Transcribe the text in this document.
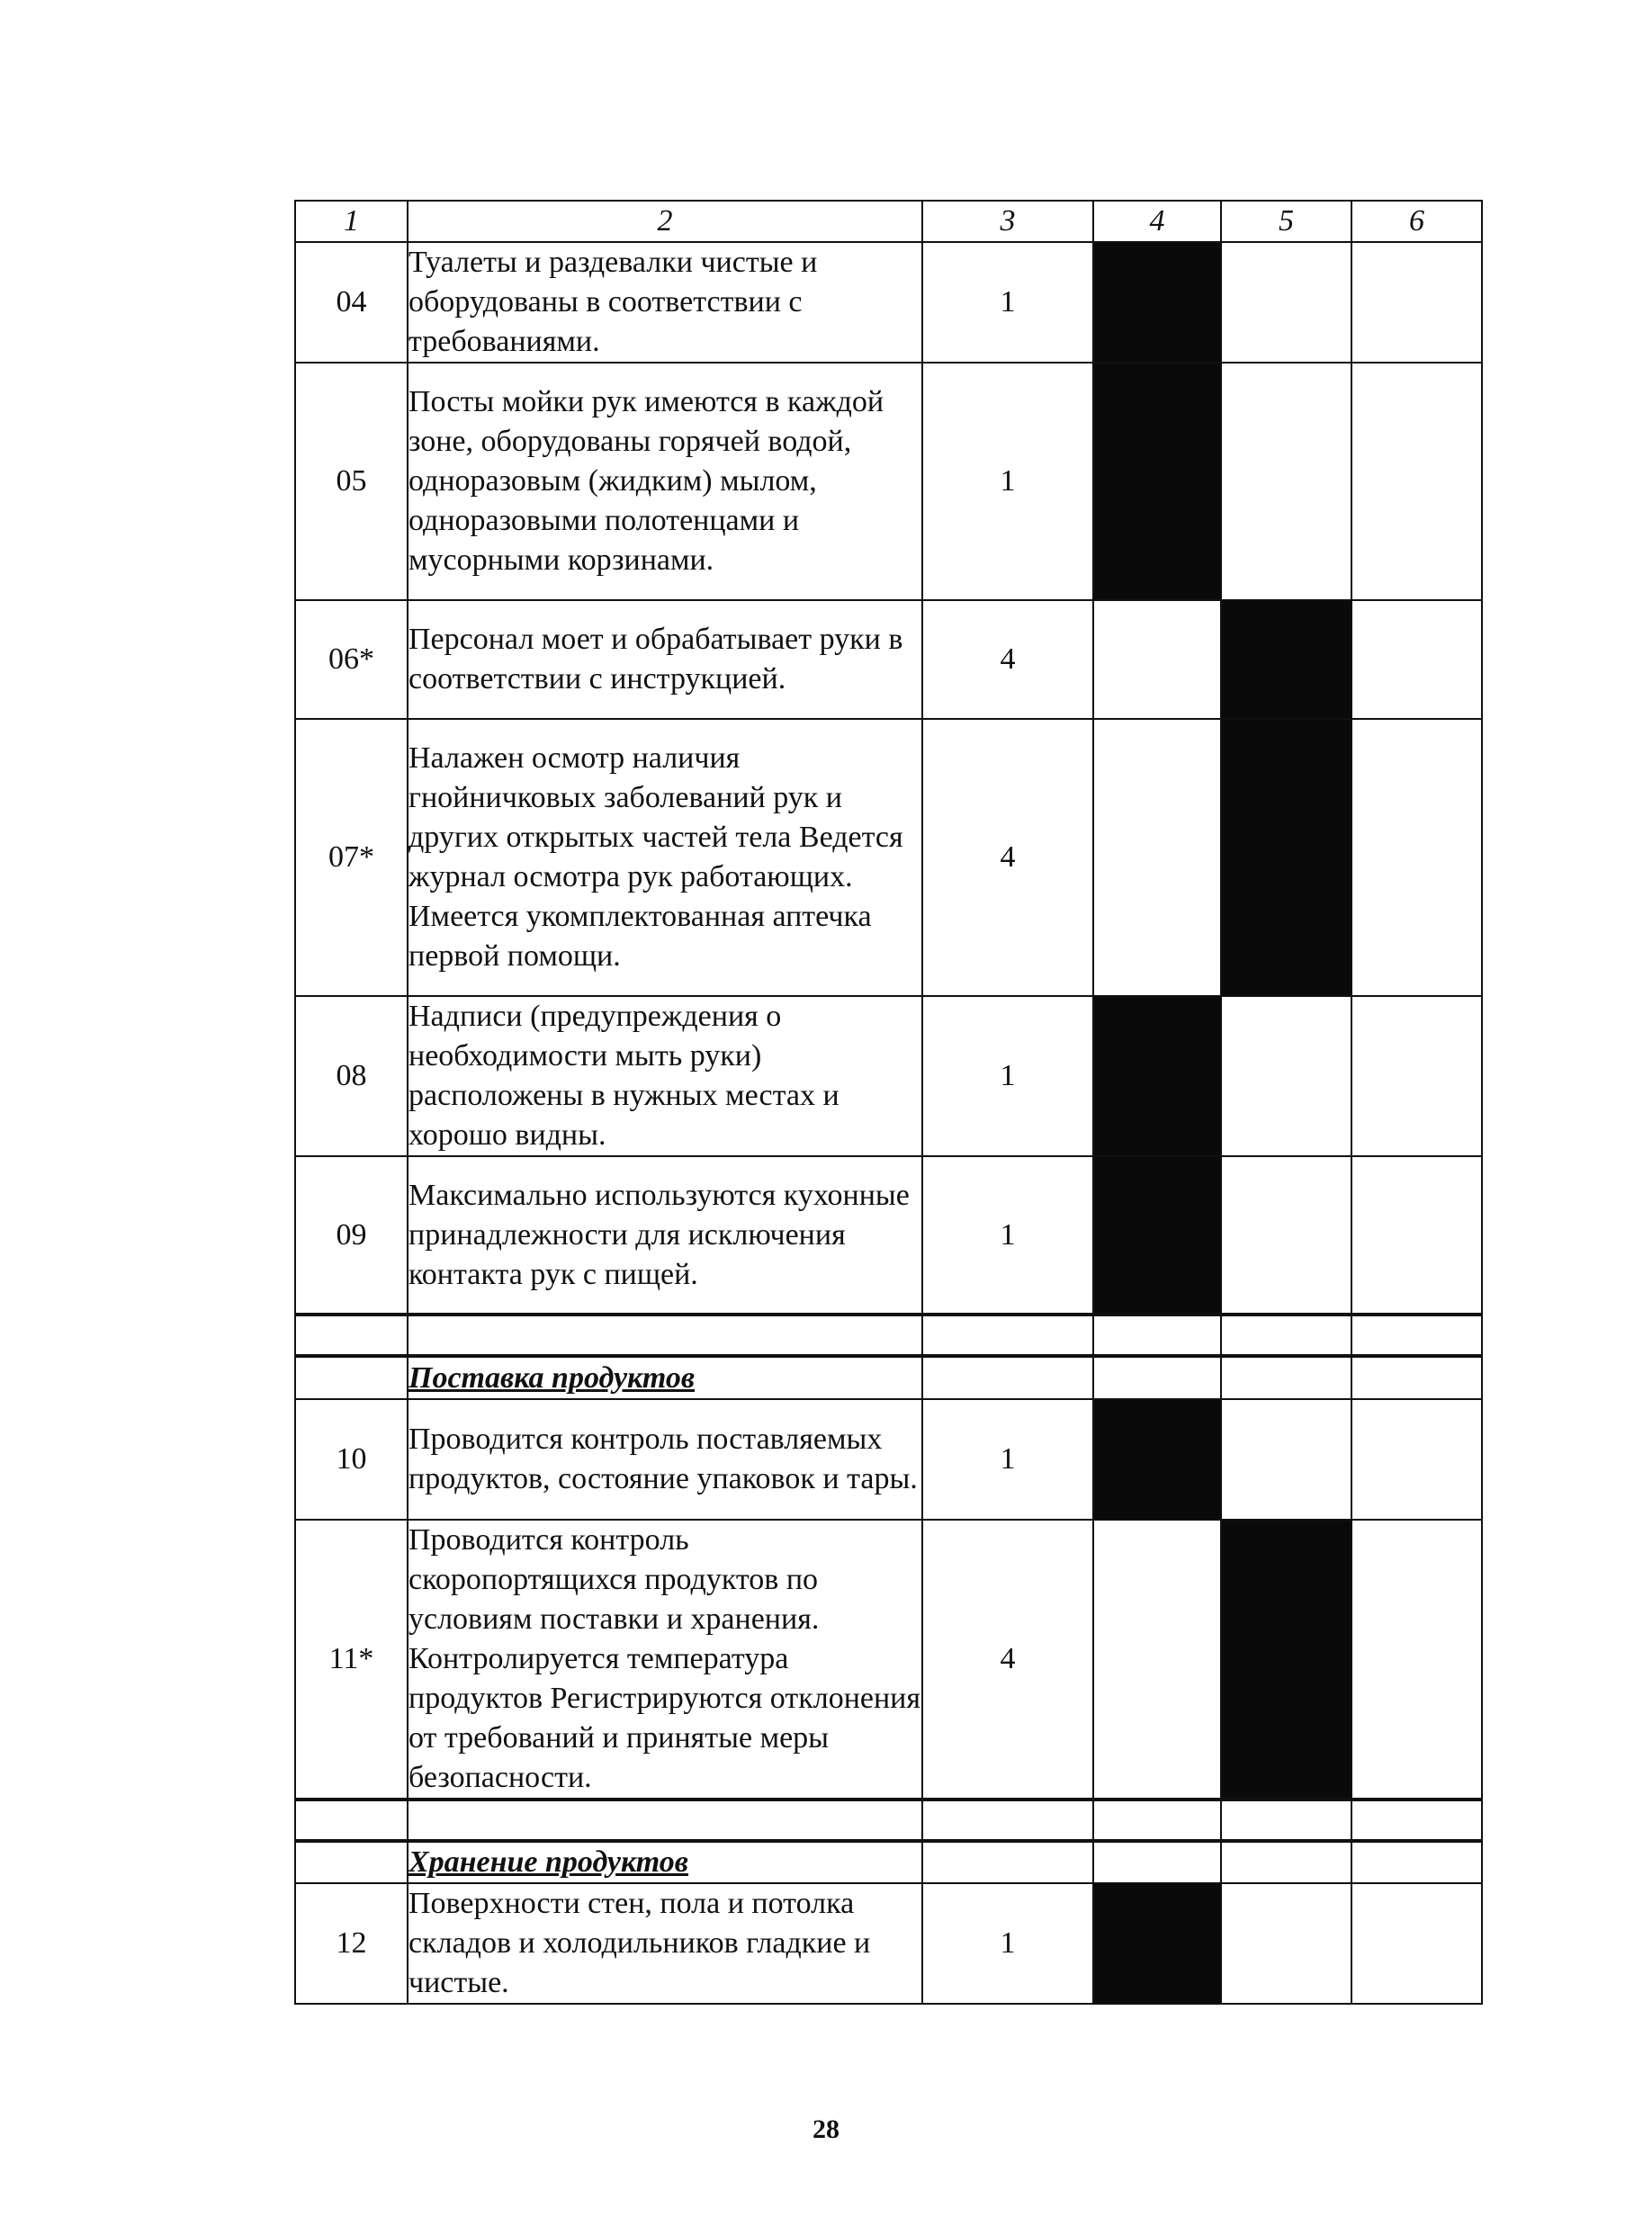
1	2	3	4	5	6
04	Туалеты и раздевалки чистые и оборудованы в соответствии с требованиями.	1			
05	Посты мойки рук имеются в каждой зоне, оборудованы горячей водой, одноразовым (жидким) мылом, одноразовыми полотенцами и мусорными корзинами.	1			
06*	Персонал моет и обрабатывает руки в соответствии с инструкцией.	4			
07*	Налажен осмотр наличия гнойничковых заболеваний рук и других открытых частей тела Ведется журнал осмотра рук работающих. Имеется укомплектованная аптечка первой помощи.	4			
08	Надписи (предупреждения о необходимости мыть руки) расположены в нужных местах и хорошо видны.	1			
09	Максимально используются кухонные принадлежности для исключения контакта рук с пищей.	1			

	Поставка продуктов				
10	Проводится контроль поставляемых продуктов, состояние упаковок и тары.	1			
11*	Проводится контроль скоропортящихся продуктов по условиям поставки и хранения. Контролируется температура продуктов Регистрируются отклонения от требований и принятые меры безопасности.	4			

	Хранение продуктов				
12	Поверхности стен, пола и потолка складов и холодильников гладкие и чистые.	1			
28
